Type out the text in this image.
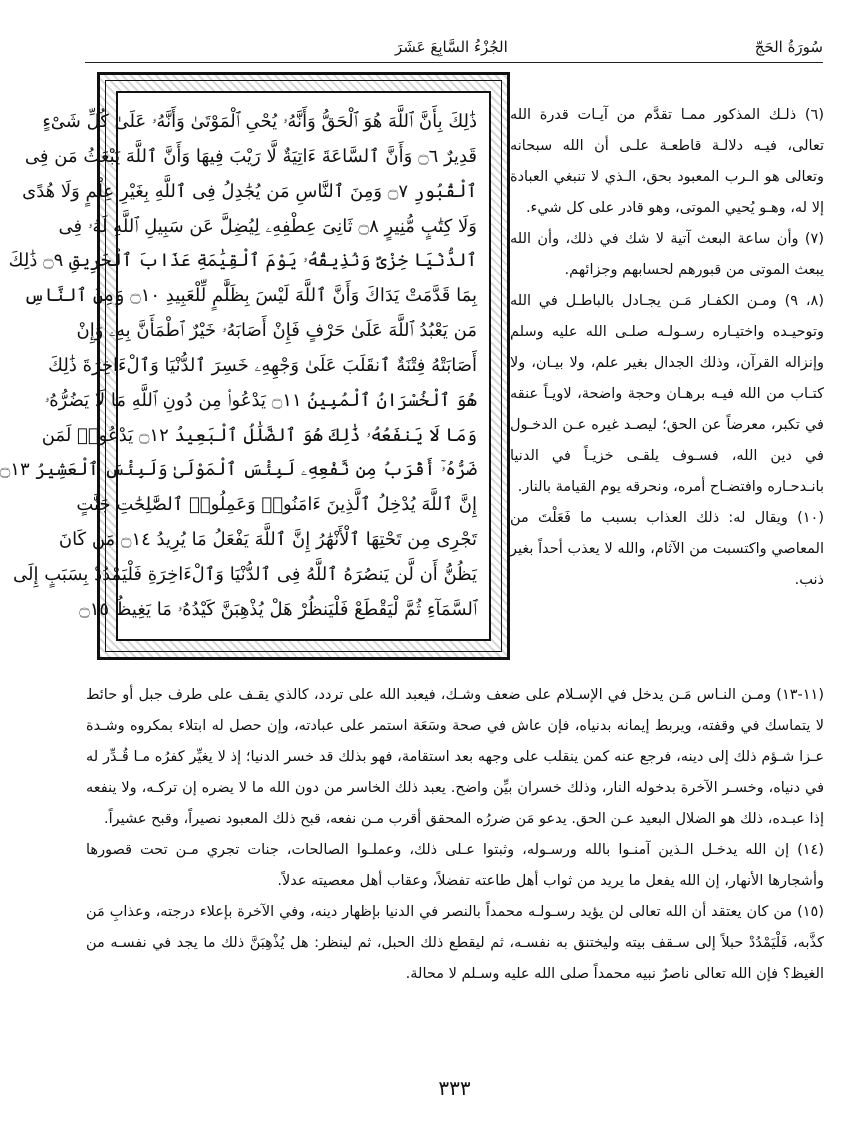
سُورَةُ الحَجّ
الجُزْءُ السَّابِعَ عَشَرَ
ذَٰلِكَ بِأَنَّ ٱللَّهَ هُوَ ٱلْحَقُّ وَأَنَّهُۥ يُحْىِ ٱلْمَوْتَىٰ وَأَنَّهُۥ عَلَىٰ كُلِّ شَىْءٍ
قَدِيرٌ ۝٦ وَأَنَّ ٱلسَّاعَةَ ءَاتِيَةٌ لَّا رَيْبَ فِيهَا وَأَنَّ ٱللَّهَ يَبْعَثُ مَن فِى
ٱلْقُبُورِ ۝٧ وَمِنَ ٱلنَّاسِ مَن يُجَٰدِلُ فِى ٱللَّهِ بِغَيْرِ عِلْمٍ وَلَا هُدًى
وَلَا كِتَٰبٍ مُّنِيرٍ ۝٨ ثَانِىَ عِطْفِهِۦ لِيُضِلَّ عَن سَبِيلِ ٱللَّهِ لَهُۥ فِى
ٱلدُّنْيَا خِزْىٌ وَنُذِيقُهُۥ يَوْمَ ٱلْقِيَٰمَةِ عَذَابَ ٱلْحَرِيقِ ۝٩ ذَٰلِكَ
بِمَا قَدَّمَتْ يَدَاكَ وَأَنَّ ٱللَّهَ لَيْسَ بِظَلَّٰمٍ لِّلْعَبِيدِ ۝١٠ وَمِنَ ٱلنَّاسِ
مَن يَعْبُدُ ٱللَّهَ عَلَىٰ حَرْفٍ فَإِنْ أَصَابَهُۥ خَيْرٌ ٱطْمَأَنَّ بِهِۦ وَإِنْ
أَصَابَتْهُ فِتْنَةٌ ٱنقَلَبَ عَلَىٰ وَجْهِهِۦ خَسِرَ ٱلدُّنْيَا وَٱلْءَاخِرَةَ ذَٰلِكَ
هُوَ ٱلْخُسْرَانُ ٱلْمُبِينُ ۝١١ يَدْعُوا۟ مِن دُونِ ٱللَّهِ مَا لَا يَضُرُّهُۥ
وَمَا لَا يَنفَعُهُۥ ذَٰلِكَ هُوَ ٱلضَّلَٰلُ ٱلْبَعِيدُ ۝١٢ يَدْعُوا۟ لَمَن
ضَرُّهُۥٓ أَقْرَبُ مِن نَّفْعِهِۦ لَبِئْسَ ٱلْمَوْلَىٰ وَلَبِئْسَ ٱلْعَشِيرُ ۝١٣
إِنَّ ٱللَّهَ يُدْخِلُ ٱلَّذِينَ ءَامَنُوا۟ وَعَمِلُوا۟ ٱلصَّٰلِحَٰتِ جَنَّٰتٍ
تَجْرِى مِن تَحْتِهَا ٱلْأَنْهَٰرُ إِنَّ ٱللَّهَ يَفْعَلُ مَا يُرِيدُ ۝١٤ مَن كَانَ
يَظُنُّ أَن لَّن يَنصُرَهُ ٱللَّهُ فِى ٱلدُّنْيَا وَٱلْءَاخِرَةِ فَلْيَمْدُدْ بِسَبَبٍ إِلَى
ٱلسَّمَآءِ ثُمَّ لْيَقْطَعْ فَلْيَنظُرْ هَلْ يُذْهِبَنَّ كَيْدُهُۥ مَا يَغِيظُ ۝١٥

(٦) ذلـك المذكور ممـا تقدَّم من آيـات قدرة الله تعالى، فيـه دلالـة قاطعـة علـى أن الله سبحانه وتعالى هو الـرب المعبود بحق، الـذي لا تنبغي العبادة إلا له، وهـو يُحيي الموتى، وهو قادر على كل شيء.

(٧) وأن ساعة البعث آتية لا شك في ذلك، وأن الله يبعث الموتى من قبورهم لحسابهم وجزائهم.

(٨، ٩) ومـن الكفـار مَـن يجـادل بالباطـل في الله وتوحيـده واختيـاره رسـولـه صلـى الله عليه وسلم وإنزاله القرآن، وذلك الجدال بغير علم، ولا بيـان، ولا كتـاب من الله فيـه برهـان وحجة واضحة، لاويـاً عنقه في تكبر، معرضاً عن الحق؛ ليصـد غيره عـن الدخـول في دين الله، فسـوف يلقـى خزيـاً في الدنيا بانـدحـاره وافتضـاح أمره، ونحرقه يوم القيامة بالنار.

(١٠) ويقال له: ذلك العذاب بسبب ما فَعَلْتَ من المعاصي واكتسبت من الآثام، والله لا يعذب أحداً بغير ذنب.

(١١-١٣) ومـن النـاس مَـن يدخل في الإسـلام على ضعف وشـك، فيعبد الله على تردد، كالذي يقـف على طرف جبل أو حائط لا يتماسك في وقفته، ويربط إيمانه بدنياه، فإن عاش في صحة وسَعَة استمر على عبادته، وإن حصل له ابتلاء بمكروه وشـدة عـزا شـؤم ذلك إلى دينه، فرجع عنه كمن ينقلب على وجهه بعد استقامة، فهو بذلك قد خسر الدنيا؛ إذ لا يغيِّر كفرُه مـا قُـدِّر له في دنياه، وخسـر الآخرة بدخوله النار، وذلك خسران بيِّن واضح. يعبد ذلك الخاسر من دون الله ما لا يضره إن تركـه، ولا ينفعه إذا عبـده، ذلك هو الضلال البعيد عـن الحق. يدعو مَن ضررُه المحقق أقرب مـن نفعه، قبح ذلك المعبود نصيراً، وقبح عشيراً.

(١٤) إن الله يدخـل الـذين آمنـوا بالله ورسـوله، وثبتوا عـلى ذلك، وعملـوا الصالحات، جنات تجري مـن تحت قصورها وأشجارها الأنهار، إن الله يفعل ما يريد من ثواب أهل طاعته تفضلاً، وعقاب أهل معصيته عدلاً.

(١٥) من كان يعتقد أن الله تعالى لن يؤيد رسـولـه محمداً بالنصر في الدنيا بإظهار دينه، وفي الآخرة بإعلاء درجته، وعذابِ مَن كذَّبه، فَلْيَمْدُدْ حبلاً إلى سـقف بيته وليختنق به نفسـه، ثم ليقطع ذلك الحبل، ثم لينظر: هل يُذْهِبَنَّ ذلك ما يجد في نفسـه من الغيظ؟ فإن الله تعالى ناصرٌ نبيه محمداً صلى الله عليه وسـلم لا محالة.

٣٣٣
